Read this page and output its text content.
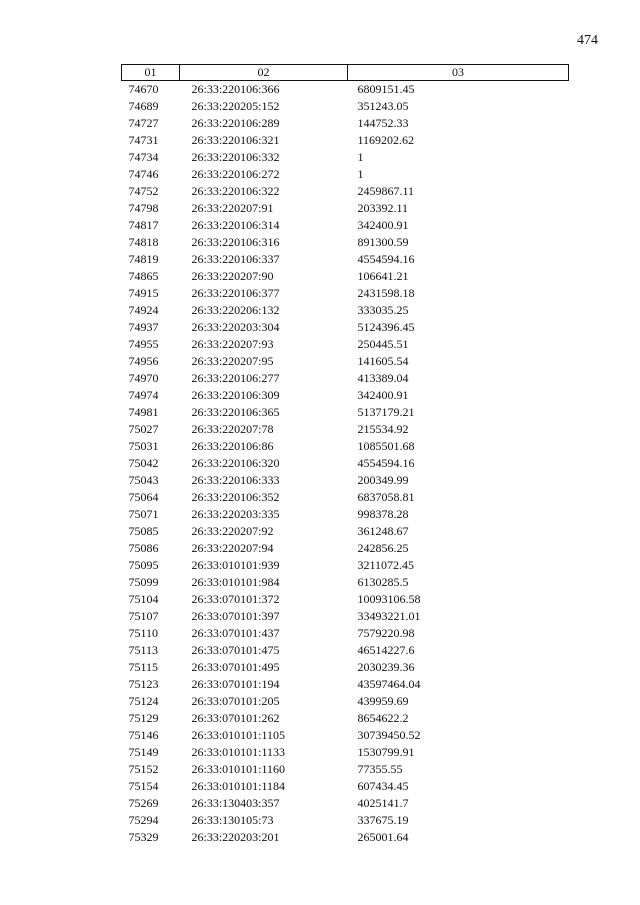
474
01	02	03
74670	26:33:220106:366	6809151.45
74689	26:33:220205:152	351243.05
74727	26:33:220106:289	144752.33
74731	26:33:220106:321	1169202.62
74734	26:33:220106:332	1
74746	26:33:220106:272	1
74752	26:33:220106:322	2459867.11
74798	26:33:220207:91	203392.11
74817	26:33:220106:314	342400.91
74818	26:33:220106:316	891300.59
74819	26:33:220106:337	4554594.16
74865	26:33:220207:90	106641.21
74915	26:33:220106:377	2431598.18
74924	26:33:220206:132	333035.25
74937	26:33:220203:304	5124396.45
74955	26:33:220207:93	250445.51
74956	26:33:220207:95	141605.54
74970	26:33:220106:277	413389.04
74974	26:33:220106:309	342400.91
74981	26:33:220106:365	5137179.21
75027	26:33:220207:78	215534.92
75031	26:33:220106:86	1085501.68
75042	26:33:220106:320	4554594.16
75043	26:33:220106:333	200349.99
75064	26:33:220106:352	6837058.81
75071	26:33:220203:335	998378.28
75085	26:33:220207:92	361248.67
75086	26:33:220207:94	242856.25
75095	26:33:010101:939	3211072.45
75099	26:33:010101:984	6130285.5
75104	26:33:070101:372	10093106.58
75107	26:33:070101:397	33493221.01
75110	26:33:070101:437	7579220.98
75113	26:33:070101:475	46514227.6
75115	26:33:070101:495	2030239.36
75123	26:33:070101:194	43597464.04
75124	26:33:070101:205	439959.69
75129	26:33:070101:262	8654622.2
75146	26:33:010101:1105	30739450.52
75149	26:33:010101:1133	1530799.91
75152	26:33:010101:1160	77355.55
75154	26:33:010101:1184	607434.45
75269	26:33:130403:357	4025141.7
75294	26:33:130105:73	337675.19
75329	26:33:220203:201	265001.64
